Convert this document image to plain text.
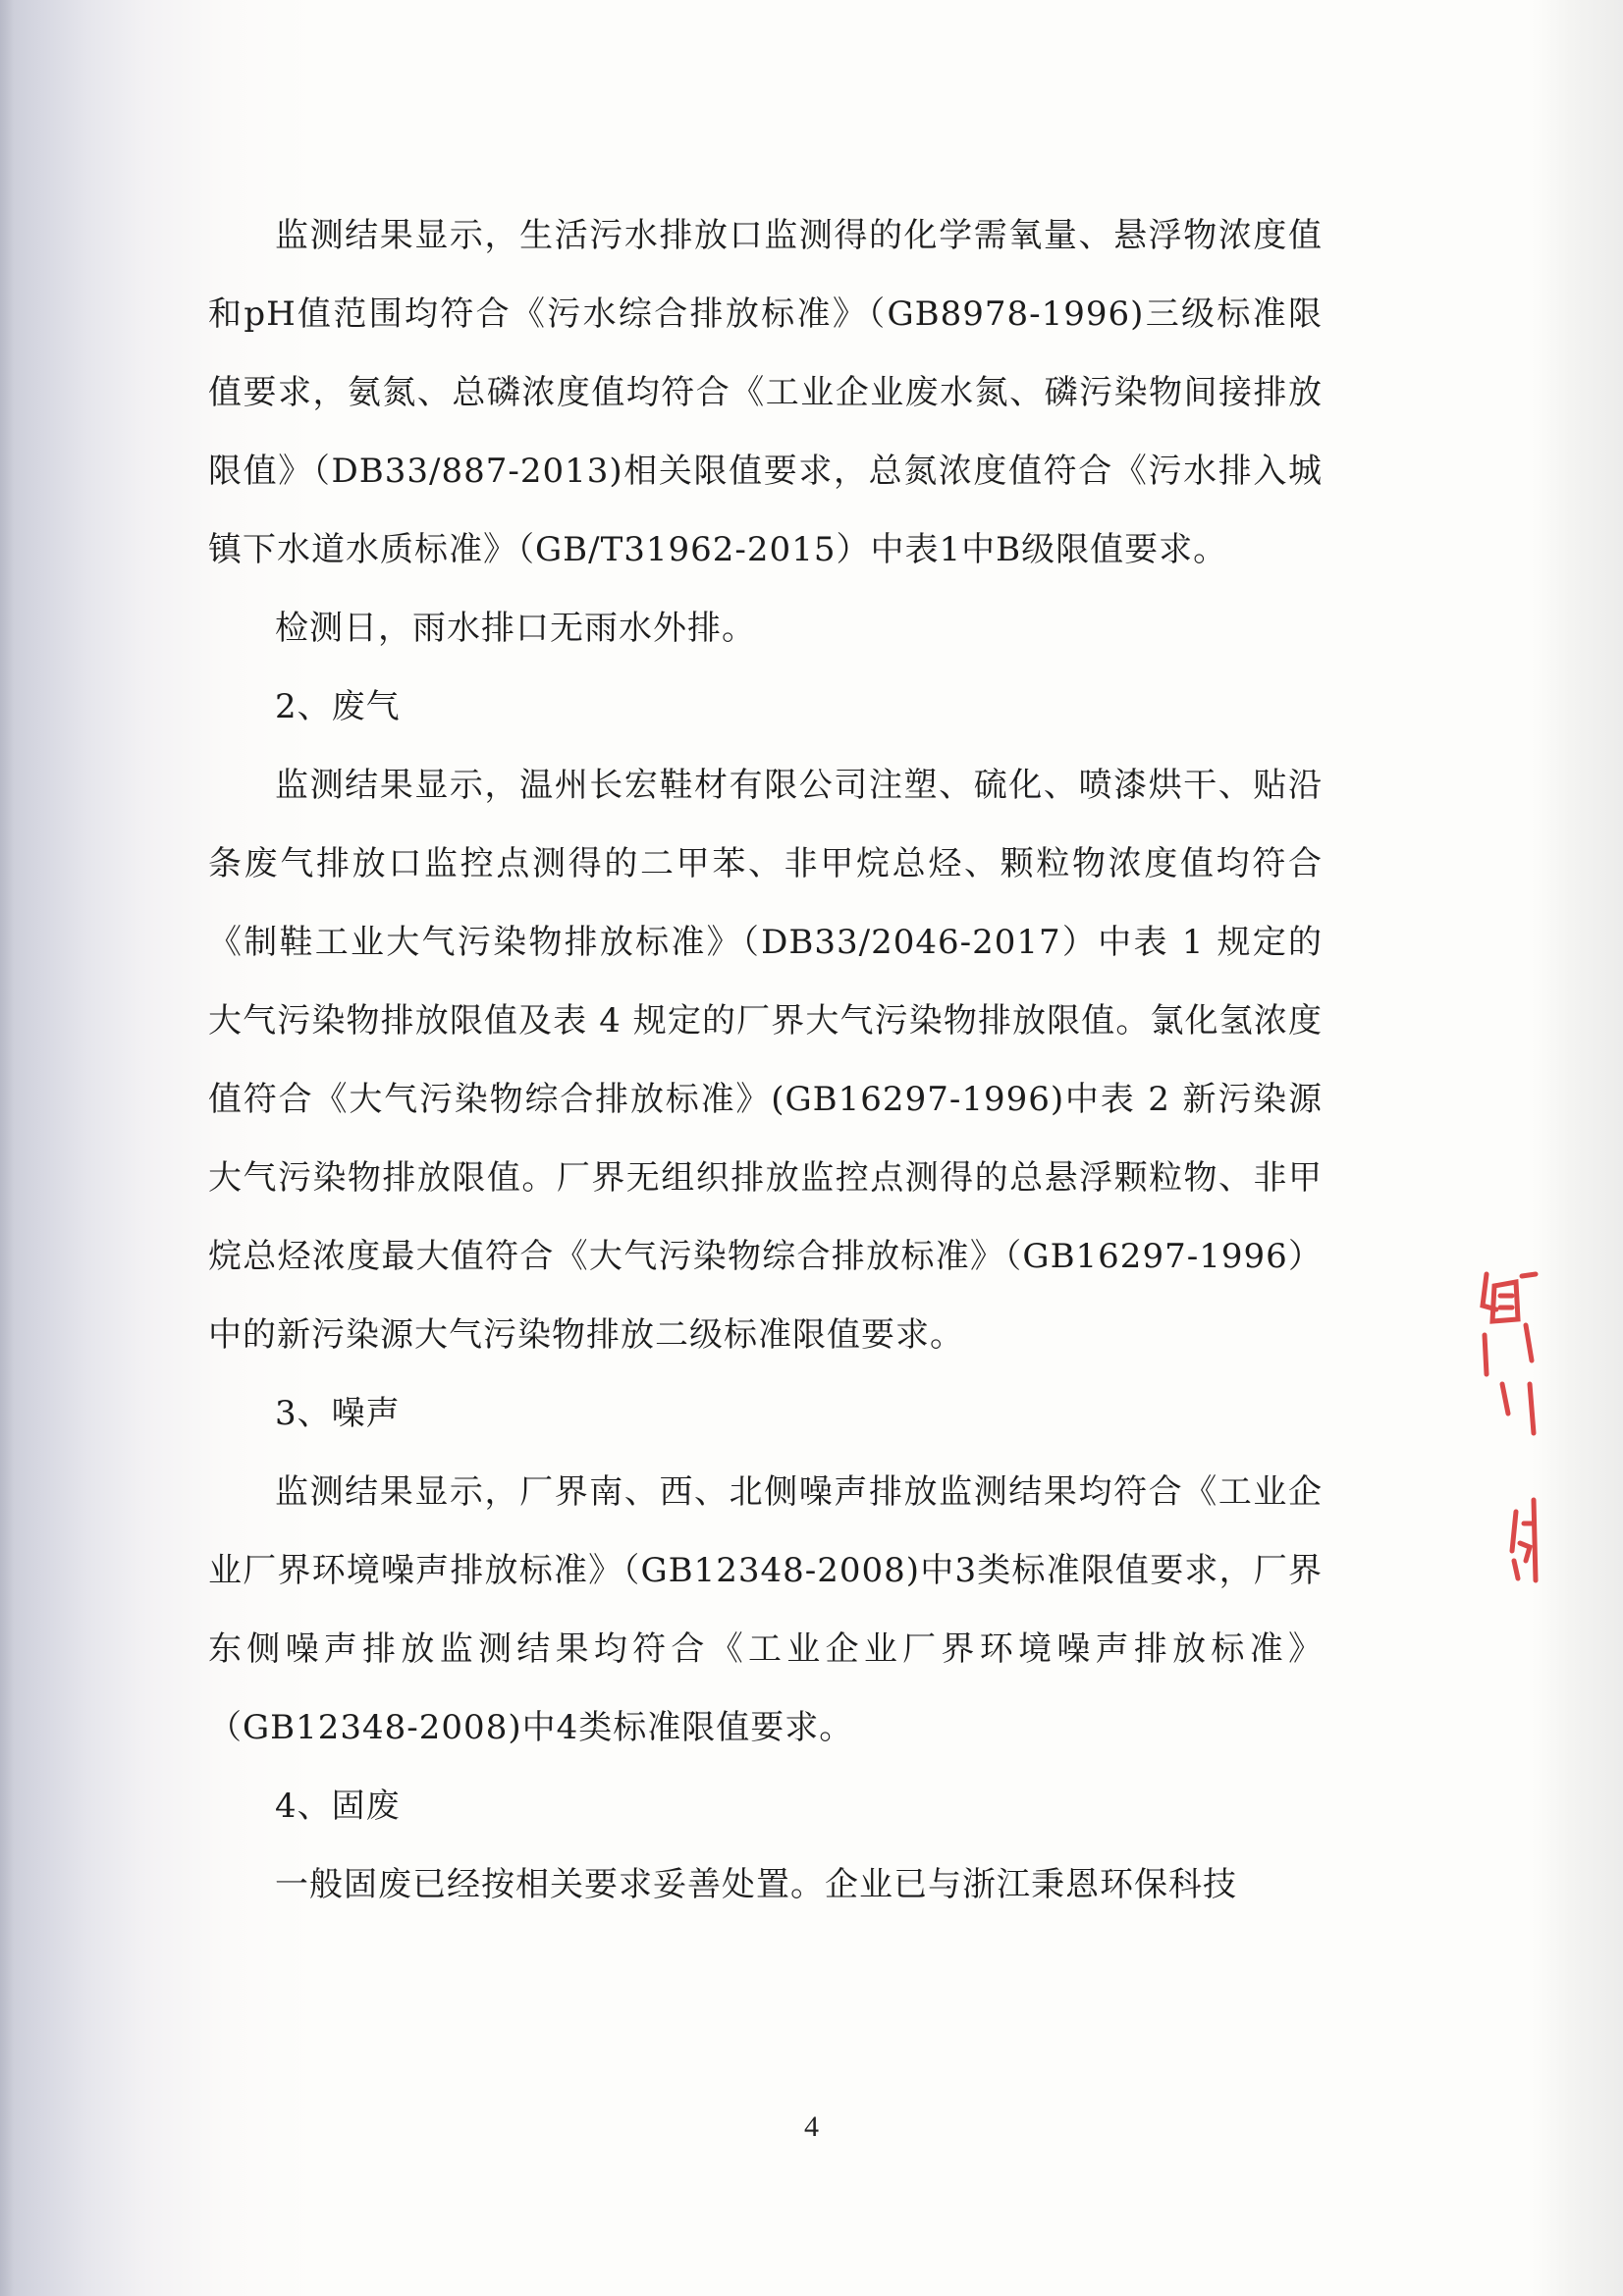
监测结果显示，生活污水排放口监测得的化学需氧量、悬浮物浓度值和pH值范围均符合《污水综合排放标准》（GB8978-1996)三级标准限值要求，氨氮、总磷浓度值均符合《工业企业废水氮、磷污染物间接排放限值》（DB33/887-2013)相关限值要求，总氮浓度值符合《污水排入城镇下水道水质标准》（GB/T31962-2015）中表1中B级限值要求。

检测日，雨水排口无雨水外排。

2、废气

监测结果显示，温州长宏鞋材有限公司注塑、硫化、喷漆烘干、贴沿条废气排放口监控点测得的二甲苯、非甲烷总烃、颗粒物浓度值均符合《制鞋工业大气污染物排放标准》（DB33/2046-2017）中表 1 规定的大气污染物排放限值及表 4 规定的厂界大气污染物排放限值。氯化氢浓度值符合《大气污染物综合排放标准》(GB16297-1996)中表 2 新污染源大气污染物排放限值。厂界无组织排放监控点测得的总悬浮颗粒物、非甲烷总烃浓度最大值符合《大气污染物综合排放标准》（GB16297-1996）中的新污染源大气污染物排放二级标准限值要求。

3、噪声

监测结果显示，厂界南、西、北侧噪声排放监测结果均符合《工业企业厂界环境噪声排放标准》（GB12348-2008)中3类标准限值要求，厂界东侧噪声排放监测结果均符合《工业企业厂界环境噪声排放标准》（GB12348-2008)中4类标准限值要求。

4、固废

一般固废已经按相关要求妥善处置。企业已与浙江秉恩环保科技

4
